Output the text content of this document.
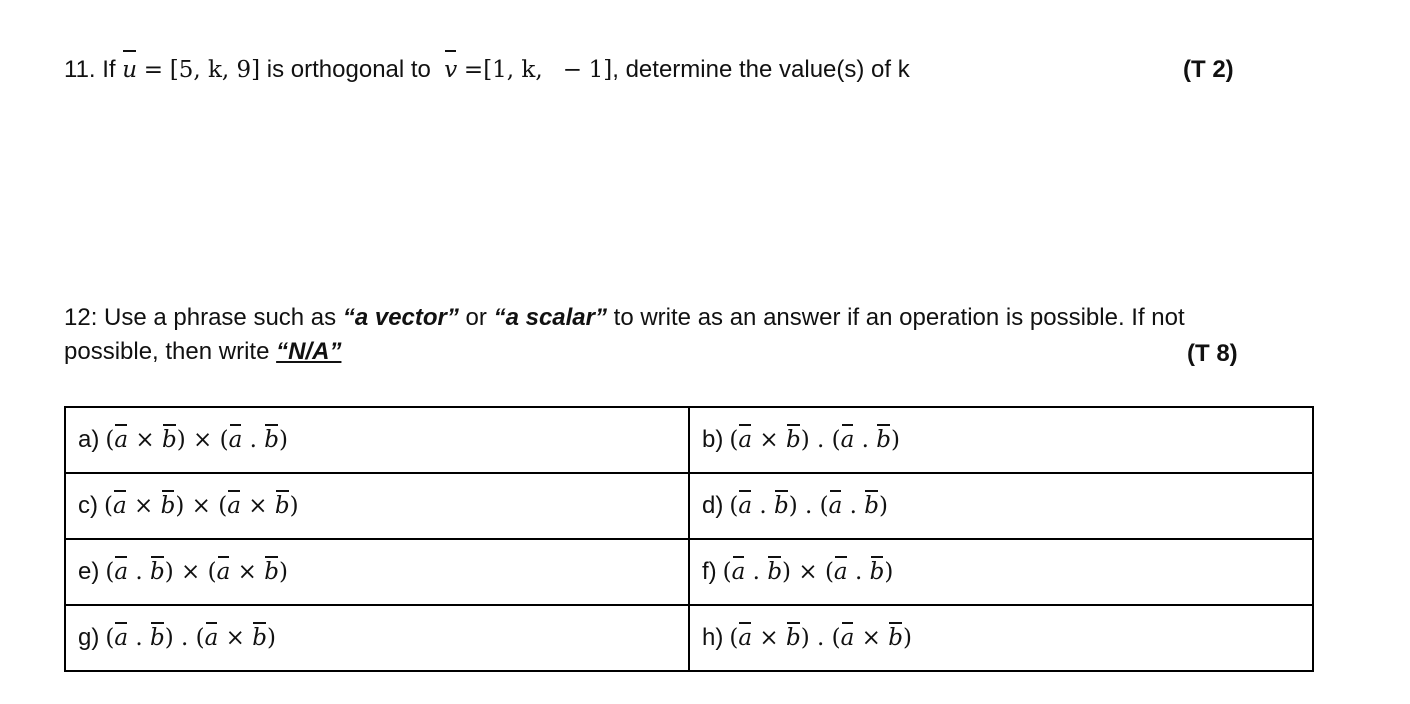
11. If u = [5, k, 9] is orthogonal to v =[1, k, − 1], determine the value(s) of k	(T 2)
12: Use a phrase such as “a vector” or “a scalar” to write as an answer if an operation is possible. If not
possible, then write “N/A”	(T 8)
a) (a × b) × (a . b)	b) (a × b) . (a . b)
c) (a × b) × (a × b)	d) (a . b) . (a . b)
e) (a . b) × (a × b)	f) (a . b) × (a . b)
g) (a . b) . (a × b)	h) (a × b) . (a × b)
